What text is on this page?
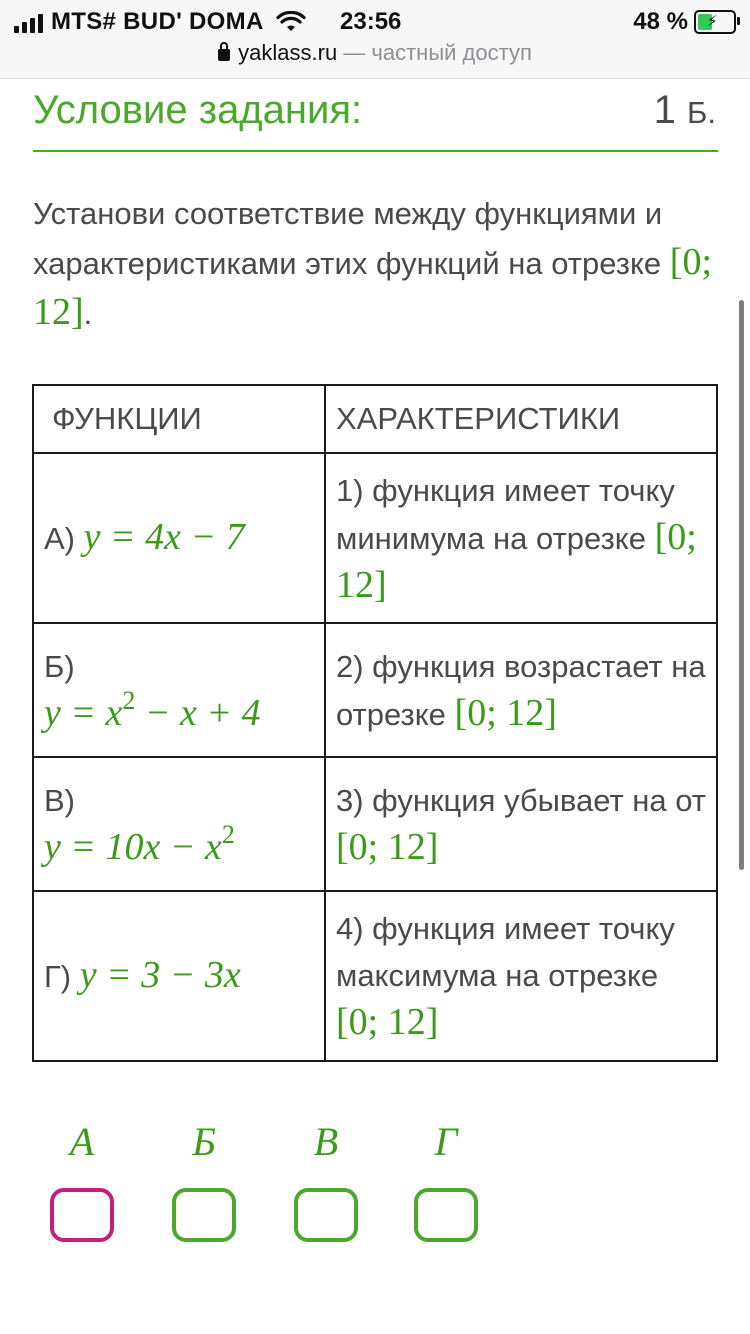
MTS# BUD' DOMA	23:56	48 % ⚡
yaklass.ru — частный доступ
Условие задания:	1 Б.
Установи соответствие между функциями и характеристиками этих функций на отрезке [0; 12].
ФУНКЦИИ	ХАРАКТЕРИСТИКИ

А) y = 4x − 7	1) функция имеет точку минимума на отрезке [0; 12]

Б)
$y = x^2 - x + 4$	2) функция возрастает на отрезке [0; 12]

В)
$y = 10x - x^2$	3) функция убывает на от
[0; 12]

Г) y = 3 − 3x	4) функция имеет точку максимума на отрезке [0; 12]
А	Б	В	Г
